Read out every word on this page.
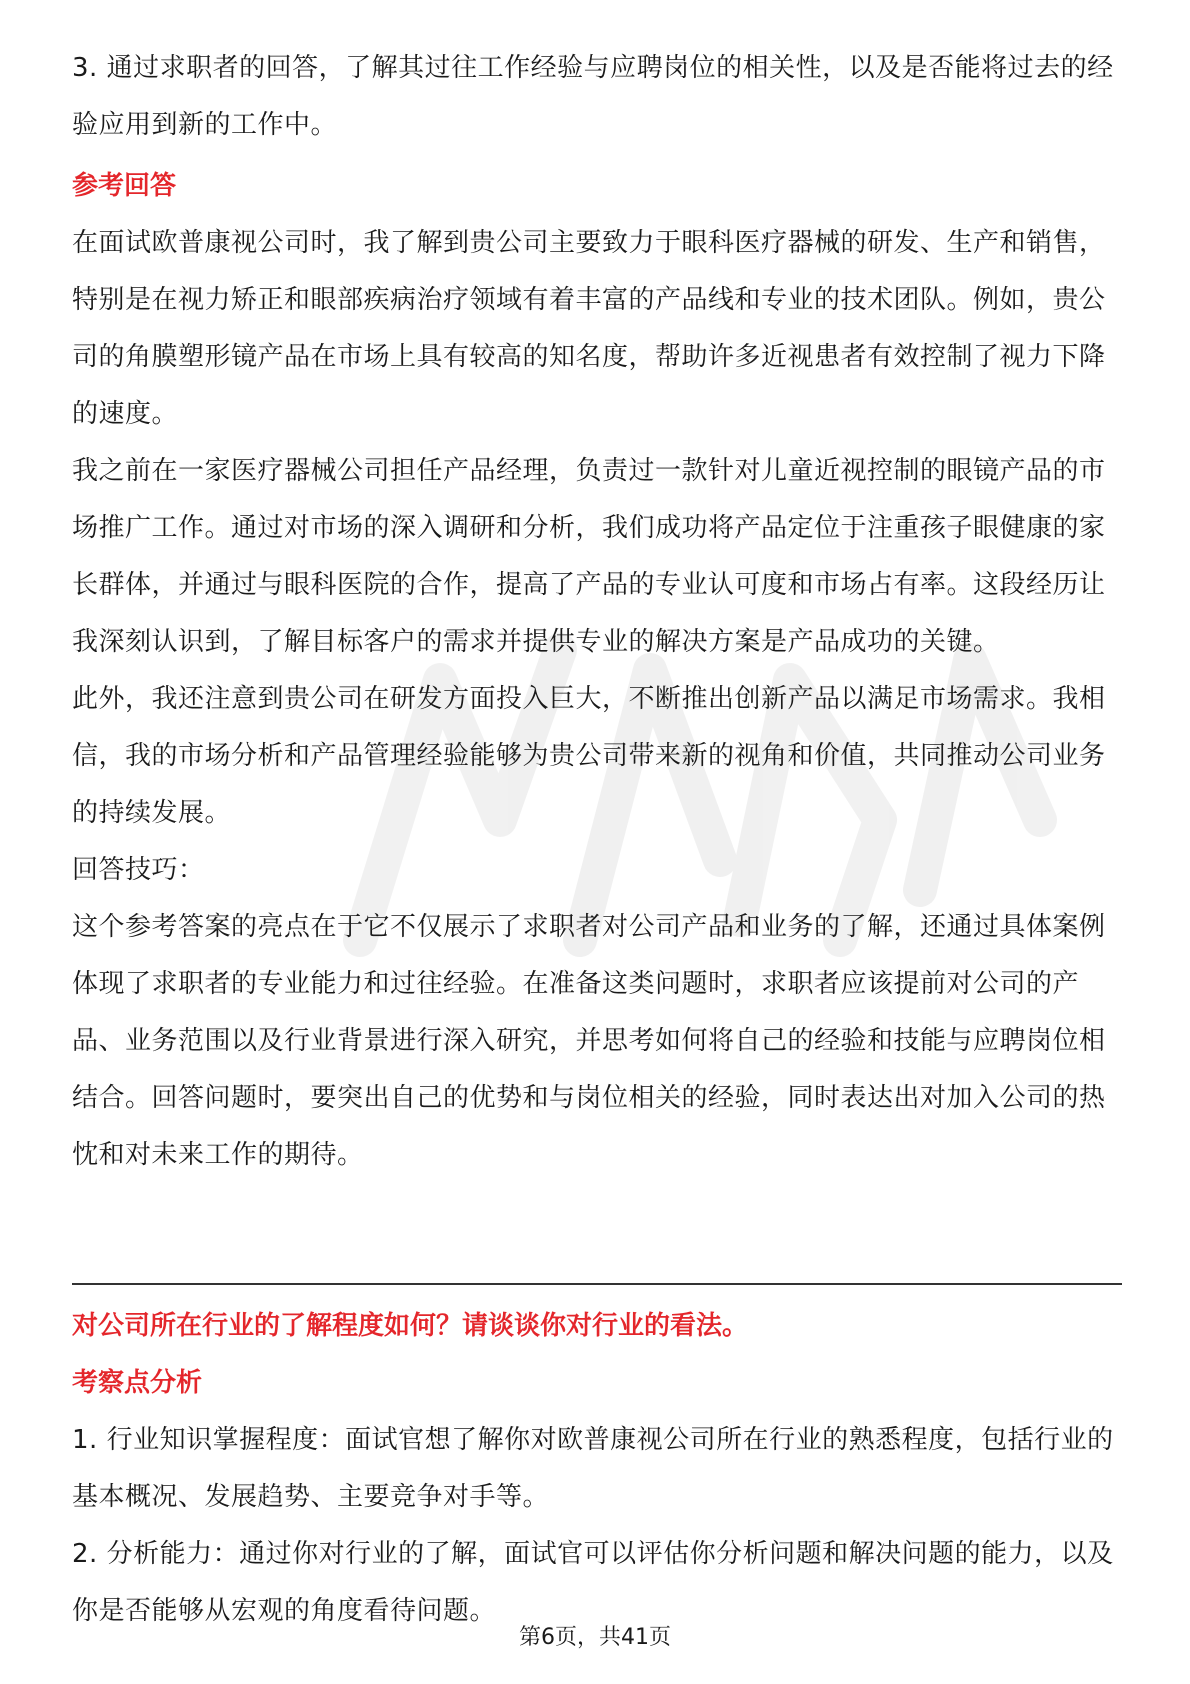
3. 通过求职者的回答，了解其过往工作经验与应聘岗位的相关性，以及是否能将过去的经验应用到新的工作中。

参考回答

在面试欧普康视公司时，我了解到贵公司主要致力于眼科医疗器械的研发、生产和销售，特别是在视力矫正和眼部疾病治疗领域有着丰富的产品线和专业的技术团队。例如，贵公司的角膜塑形镜产品在市场上具有较高的知名度，帮助许多近视患者有效控制了视力下降的速度。

我之前在一家医疗器械公司担任产品经理，负责过一款针对儿童近视控制的眼镜产品的市场推广工作。通过对市场的深入调研和分析，我们成功将产品定位于注重孩子眼健康的家长群体，并通过与眼科医院的合作，提高了产品的专业认可度和市场占有率。这段经历让我深刻认识到，了解目标客户的需求并提供专业的解决方案是产品成功的关键。

此外，我还注意到贵公司在研发方面投入巨大，不断推出创新产品以满足市场需求。我相信，我的市场分析和产品管理经验能够为贵公司带来新的视角和价值，共同推动公司业务的持续发展。

回答技巧：

这个参考答案的亮点在于它不仅展示了求职者对公司产品和业务的了解，还通过具体案例体现了求职者的专业能力和过往经验。在准备这类问题时，求职者应该提前对公司的产品、业务范围以及行业背景进行深入研究，并思考如何将自己的经验和技能与应聘岗位相结合。回答问题时，要突出自己的优势和与岗位相关的经验，同时表达出对加入公司的热忱和对未来工作的期待。

对公司所在行业的了解程度如何？请谈谈你对行业的看法。

考察点分析

1. 行业知识掌握程度：面试官想了解你对欧普康视公司所在行业的熟悉程度，包括行业的基本概况、发展趋势、主要竞争对手等。

2. 分析能力：通过你对行业的了解，面试官可以评估你分析问题和解决问题的能力，以及你是否能够从宏观的角度看待问题。

第6页，共41页
